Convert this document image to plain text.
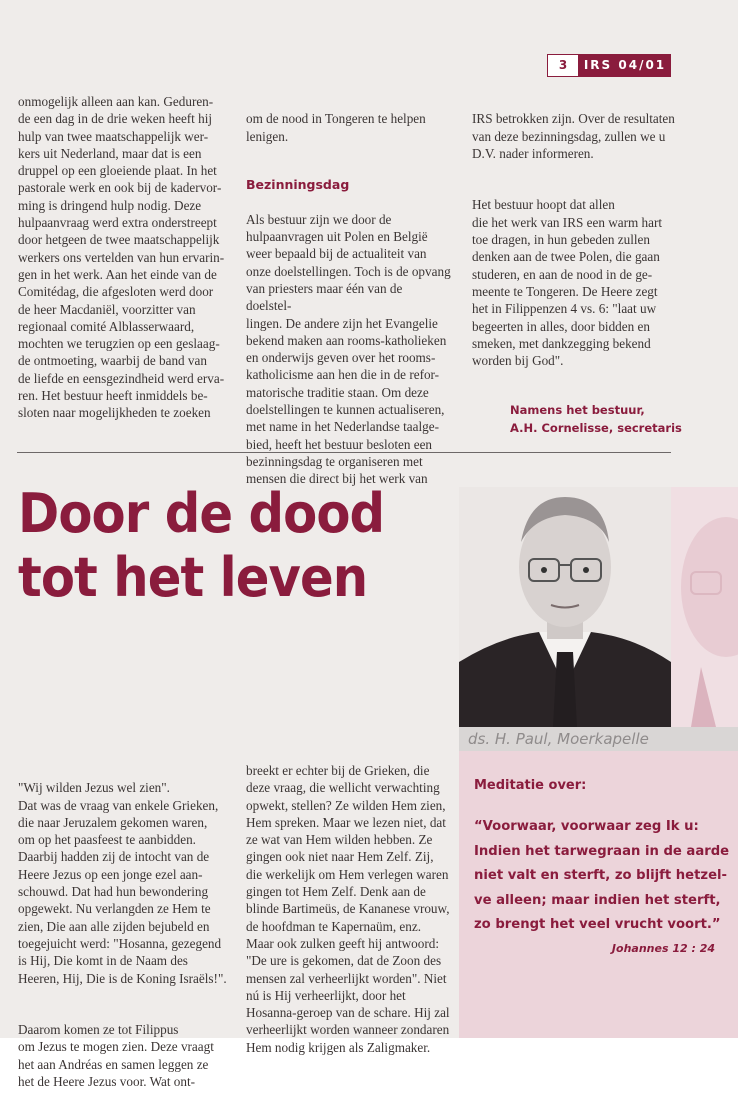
3	IRS 04/01
onmogelijk alleen aan kan. Geduren-
de een dag in de drie weken heeft hij
hulp van twee maatschappelijk wer-
kers uit Nederland, maar dat is een
druppel op een gloeiende plaat. In het
pastorale werk en ook bij de kadervor-
ming is dringend hulp nodig. Deze
hulpaanvraag werd extra onderstreept
door hetgeen de twee maatschappelijk
werkers ons vertelden van hun ervarin-
gen in het werk. Aan het einde van de
Comitédag, die afgesloten werd door
de heer Macdaniël, voorzitter van
regionaal comité Alblasserwaard,
mochten we terugzien op een geslaag-
de ontmoeting, waarbij de band van
de liefde en eensgezindheid werd erva-
ren. Het bestuur heeft inmiddels be-
sloten naar mogelijkheden te zoeken

om de nood in Tongeren te helpen
lenigen.

Bezinningsdag

Als bestuur zijn we door de
hulpaanvragen uit Polen en België
weer bepaald bij de actualiteit van
onze doelstellingen. Toch is de opvang
van priesters maar één van de doelstel-
lingen. De andere zijn het Evangelie
bekend maken aan rooms-katholieken
en onderwijs geven over het rooms-
katholicisme aan hen die in de refor-
matorische traditie staan. Om deze
doelstellingen te kunnen actualiseren,
met name in het Nederlandse taalge-
bied, heeft het bestuur besloten een
bezinningsdag te organiseren met
mensen die direct bij het werk van

IRS betrokken zijn. Over de resultaten
van deze bezinningsdag, zullen we u
D.V. nader informeren.

Het bestuur hoopt dat allen
die het werk van IRS een warm hart
toe dragen, in hun gebeden zullen
denken aan de twee Polen, die gaan
studeren, en aan de nood in de ge-
meente te Tongeren. De Heere zegt
het in Filippenzen 4 vs. 6: "laat uw
begeerten in alles, door bidden en
smeken, met dankzegging bekend
worden bij God".

Namens het bestuur,
A.H. Cornelisse, secretaris

Door de dood
tot het leven
ds. H. Paul, Moerkapelle

"Wij wilden Jezus wel zien".
Dat was de vraag van enkele Grieken,
die naar Jeruzalem gekomen waren,
om op het paasfeest te aanbidden.
Daarbij hadden zij de intocht van de
Heere Jezus op een jonge ezel aan-
schouwd. Dat had hun bewondering
opgewekt. Nu verlangden ze Hem te
zien, Die aan alle zijden bejubeld en
toegejuicht werd: "Hosanna, gezegend
is Hij, Die komt in de Naam des
Heeren, Hij, Die is de Koning Israëls!".

Daarom komen ze tot Filippus
om Jezus te mogen zien. Deze vraagt
het aan Andréas en samen leggen ze
het de Heere Jezus voor. Wat ont-

breekt er echter bij de Grieken, die
deze vraag, die wellicht verwachting
opwekt, stellen? Ze wilden Hem zien,
Hem spreken. Maar we lezen niet, dat
ze wat van Hem wilden hebben. Ze
gingen ook niet naar Hem Zelf. Zij,
die werkelijk om Hem verlegen waren
gingen tot Hem Zelf. Denk aan de
blinde Bartimeüs, de Kananese vrouw,
de hoofdman te Kapernaüm, enz.
Maar ook zulken geeft hij antwoord:
"De ure is gekomen, dat de Zoon des
mensen zal verheerlijkt worden". Niet
nú is Hij verheerlijkt, door het
Hosanna-geroep van de schare. Hij zal
verheerlijkt worden wanneer zondaren
Hem nodig krijgen als Zaligmaker.
Meditatie over:
“Voorwaar, voorwaar zeg Ik u:
Indien het tarwegraan in de aarde
niet valt en sterft, zo blijft hetzel-
ve alleen; maar indien het sterft,
zo brengt het veel vrucht voort.”
Johannes 12 : 24
